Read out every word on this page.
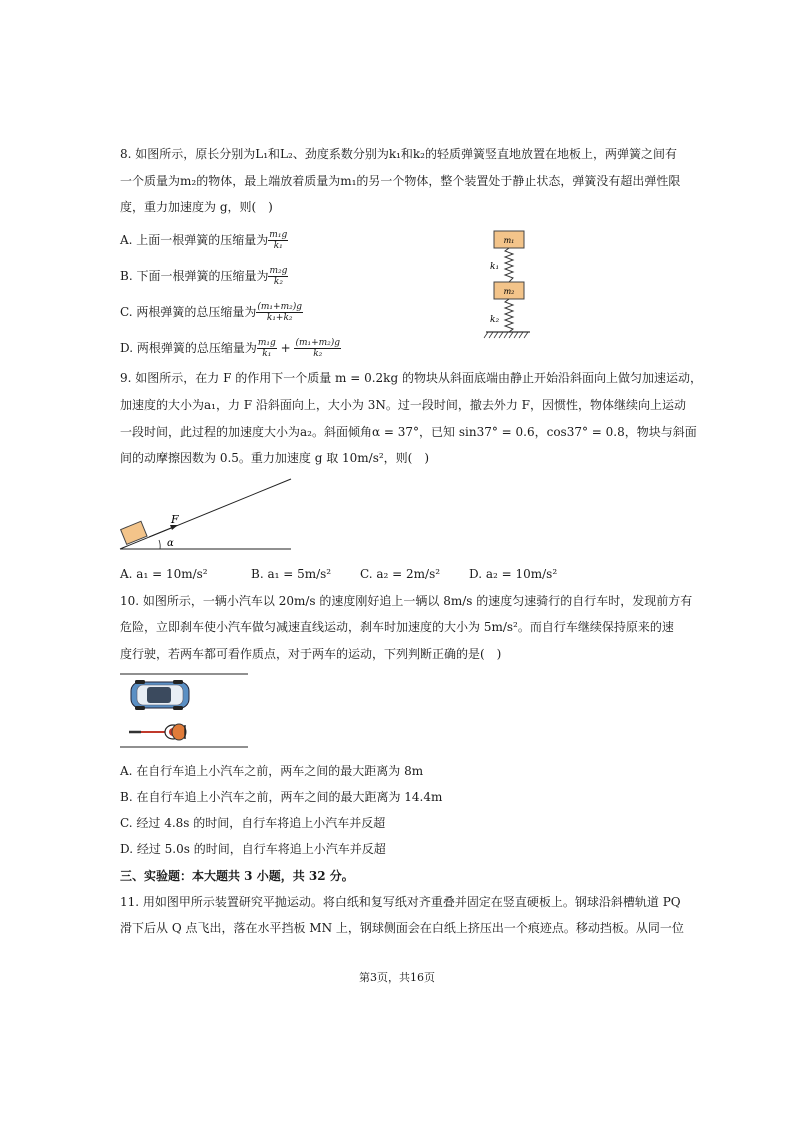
8. 如图所示，原长分别为L₁和L₂、劲度系数分别为k₁和k₂的轻质弹簧竖直地放置在地板上，两弹簧之间有
一个质量为m₂的物体，最上端放着质量为m₁的另一个物体，整个装置处于静止状态，弹簧没有超出弹性限
度，重力加速度为 g，则(　)
A. 上面一根弹簧的压缩量为 $\frac{\text{m₁g}}{\text{k₁}}$
B. 下面一根弹簧的压缩量为 $\frac{\text{m₂g}}{\text{k₂}}$
C. 两根弹簧的总压缩量为 $\frac{\text{(m₁+m₂)g}}{\text{k₁+k₂}}$
D. 两根弹簧的总压缩量为 $\frac{\text{m₁g}}{\text{k₁}} + \frac{\text{(m₁+m₂)g}}{\text{k₂}}$
m₁
k₁
m₂
k₂
9. 如图所示，在力 F 的作用下一个质量 m = 0.2kg 的物块从斜面底端由静止开始沿斜面向上做匀加速运动，
加速度的大小为a₁，力 F 沿斜面向上，大小为 3N。过一段时间，撤去外力 F，因惯性，物体继续向上运动
一段时间，此过程的加速度大小为a₂。斜面倾角α = 37°，已知 sin37° = 0.6，cos37° = 0.8，物块与斜面
间的动摩擦因数为 0.5。重力加速度 g 取 10m/s²，则(　)
F
α
A. a₁ = 10m/s²	B. a₁ = 5m/s² C. a₂ = 2m/s² D. a₂ = 10m/s²
10. 如图所示，一辆小汽车以 20m/s 的速度刚好追上一辆以 8m/s 的速度匀速骑行的自行车时，发现前方有
危险，立即刹车使小汽车做匀减速直线运动，刹车时加速度的大小为 5m/s²。而自行车继续保持原来的速
度行驶，若两车都可看作质点，对于两车的运动，下列判断正确的是(　)
A. 在自行车追上小汽车之前，两车之间的最大距离为 8m
B. 在自行车追上小汽车之前，两车之间的最大距离为 14.4m
C. 经过 4.8s 的时间，自行车将追上小汽车并反超
D. 经过 5.0s 的时间，自行车将追上小汽车并反超
三、实验题：本大题共 3 小题，共 32 分。
11. 用如图甲所示装置研究平抛运动。将白纸和复写纸对齐重叠并固定在竖直硬板上。钢球沿斜槽轨道 PQ
滑下后从 Q 点飞出，落在水平挡板 MN 上，钢球侧面会在白纸上挤压出一个痕迹点。移动挡板。从同一位
第3页，共16页
